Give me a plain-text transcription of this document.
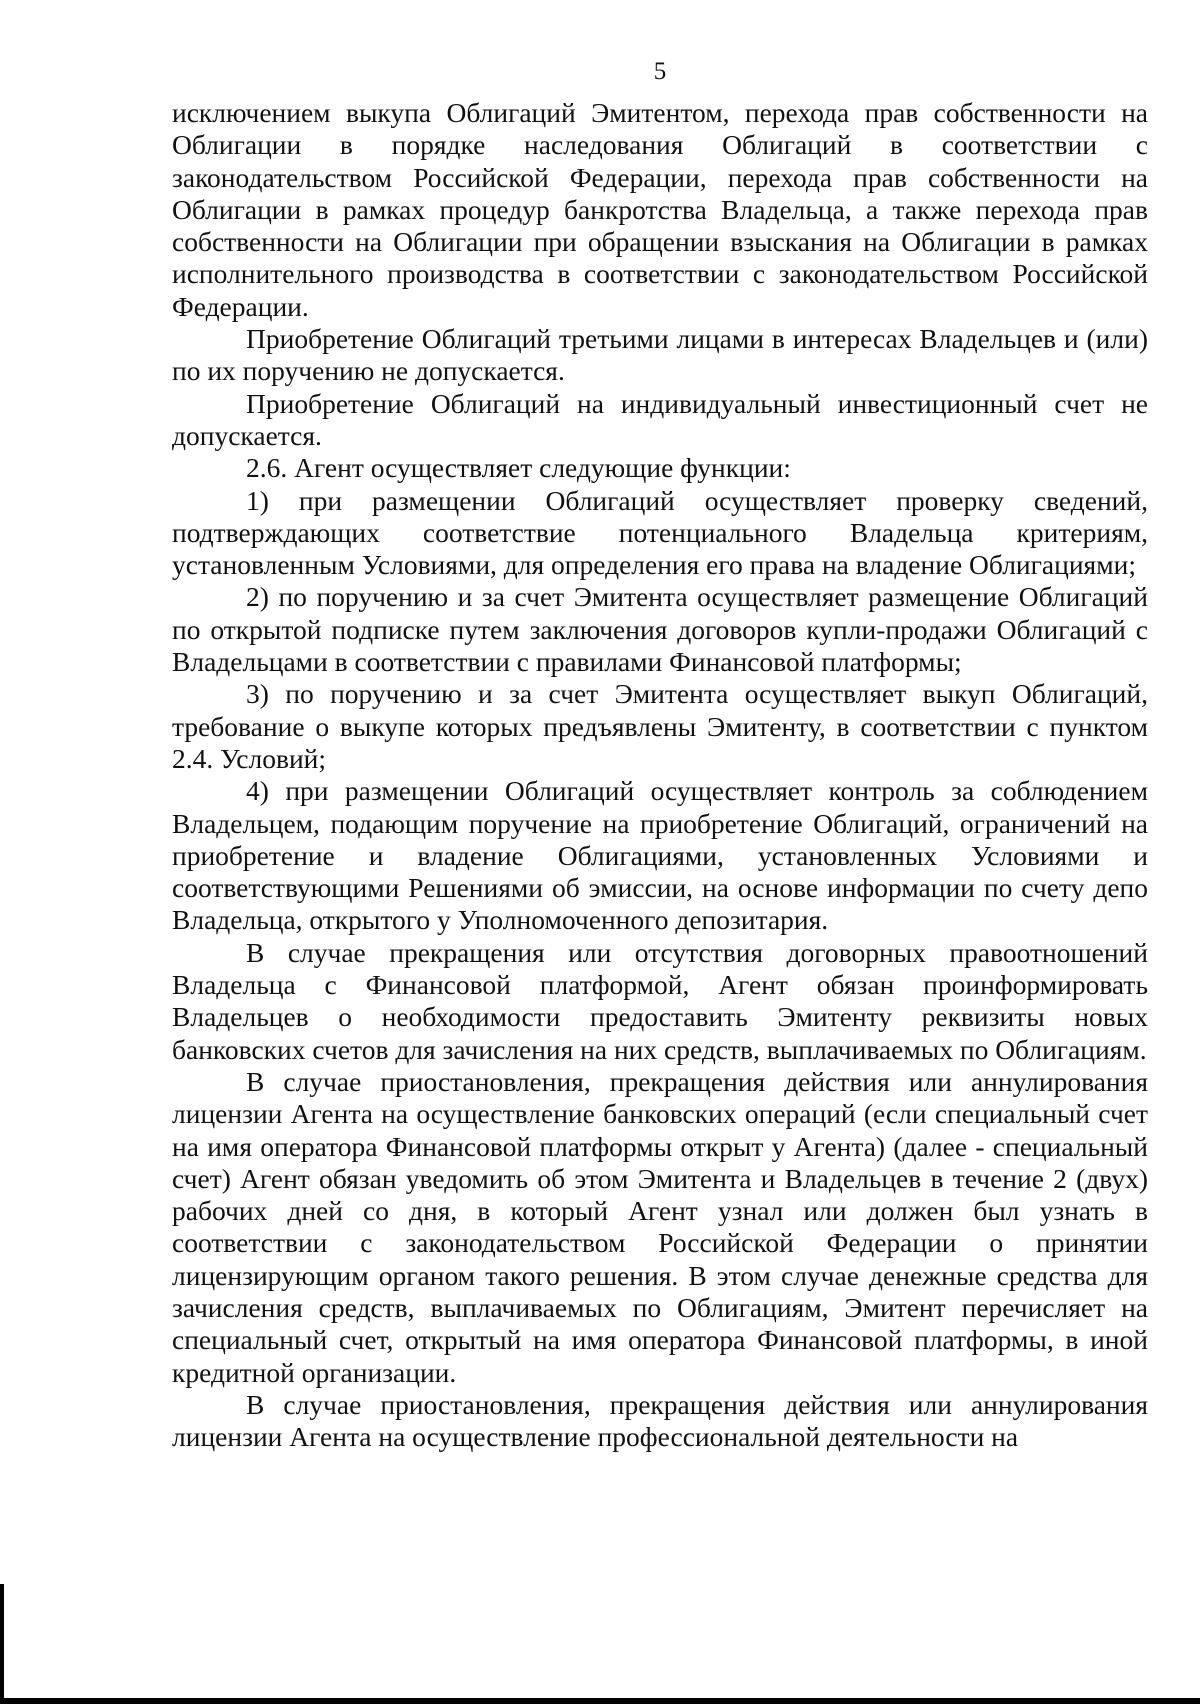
5

исключением выкупа Облигаций Эмитентом, перехода прав собственности на Облигации в порядке наследования Облигаций в соответствии с законодательством Российской Федерации, перехода прав собственности на Облигации в рамках процедур банкротства Владельца, а также перехода прав собственности на Облигации при обращении взыскания на Облигации в рамках исполнительного производства в соответствии с законодательством Российской Федерации.

Приобретение Облигаций третьими лицами в интересах Владельцев и (или) по их поручению не допускается.

Приобретение Облигаций на индивидуальный инвестиционный счет не допускается.

2.6. Агент осуществляет следующие функции:

1) при размещении Облигаций осуществляет проверку сведений, подтверждающих соответствие потенциального Владельца критериям, установленным Условиями, для определения его права на владение Облигациями;

2) по поручению и за счет Эмитента осуществляет размещение Облигаций по открытой подписке путем заключения договоров купли-продажи Облигаций с Владельцами в соответствии с правилами Финансовой платформы;

3) по поручению и за счет Эмитента осуществляет выкуп Облигаций, требование о выкупе которых предъявлены Эмитенту, в соответствии с пунктом 2.4. Условий;

4) при размещении Облигаций осуществляет контроль за соблюдением Владельцем, подающим поручение на приобретение Облигаций, ограничений на приобретение и владение Облигациями, установленных Условиями и соответствующими Решениями об эмиссии, на основе информации по счету депо Владельца, открытого у Уполномоченного депозитария.

В случае прекращения или отсутствия договорных правоотношений Владельца с Финансовой платформой, Агент обязан проинформировать Владельцев о необходимости предоставить Эмитенту реквизиты новых банковских счетов для зачисления на них средств, выплачиваемых по Облигациям.

В случае приостановления, прекращения действия или аннулирования лицензии Агента на осуществление банковских операций (если специальный счет на имя оператора Финансовой платформы открыт у Агента) (далее - специальный счет) Агент обязан уведомить об этом Эмитента и Владельцев в течение 2 (двух) рабочих дней со дня, в который Агент узнал или должен был узнать в соответствии с законодательством Российской Федерации о принятии лицензирующим органом такого решения. В этом случае денежные средства для зачисления средств, выплачиваемых по Облигациям, Эмитент перечисляет на специальный счет, открытый на имя оператора Финансовой платформы, в иной кредитной организации.

В случае приостановления, прекращения действия или аннулирования лицензии Агента на осуществление профессиональной деятельности на
